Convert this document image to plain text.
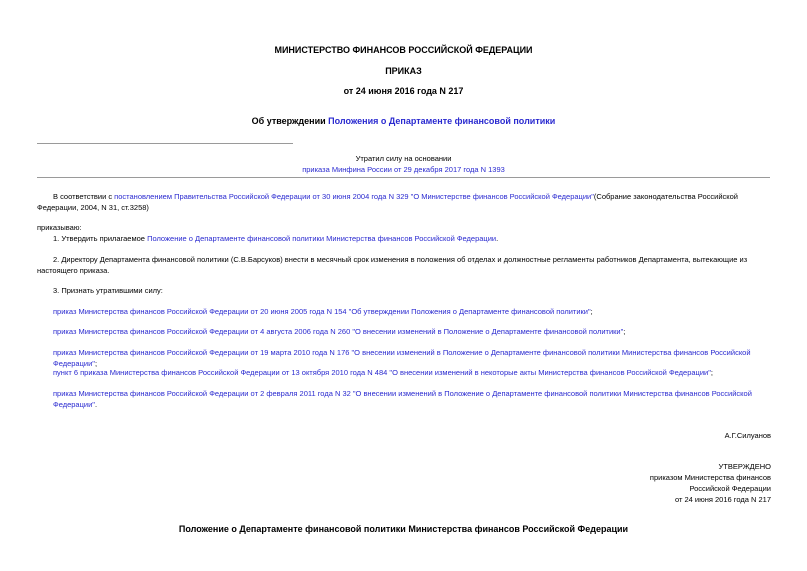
МИНИСТЕРСТВО ФИНАНСОВ РОССИЙСКОЙ ФЕДЕРАЦИИ
ПРИКАЗ
от 24 июня 2016 года N 217
Об утверждении Положения о Департаменте финансовой политики
Утратил силу на основании
приказа Минфина России от 29 декабря 2017 года N 1393
В соответствии с постановлением Правительства Российской Федерации от 30 июня 2004 года N 329 "О Министерстве финансов Российской Федерации"(Собрание законодательства Российской Федерации, 2004, N 31, ст.3258)
приказываю:
1. Утвердить прилагаемое Положение о Департаменте финансовой политики Министерства финансов Российской Федерации.
2. Директору Департамента финансовой политики (С.В.Барсуков) внести в месячный срок изменения в положения об отделах и должностные регламенты работников Департамента, вытекающие из настоящего приказа.
3. Признать утратившими силу:
приказ Министерства финансов Российской Федерации от 20 июня 2005 года N 154 "Об утверждении Положения о Департаменте финансовой политики";
приказ Министерства финансов Российской Федерации от 4 августа 2006 года N 260 "О внесении изменений в Положение о Департаменте финансовой политики";
приказ Министерства финансов Российской Федерации от 19 марта 2010 года N 176 "О внесении изменений в Положение о Департаменте финансовой политики Министерства финансов Российской Федерации";
пункт 6 приказа Министерства финансов Российской Федерации от 13 октября 2010 года N 484 "О внесении изменений в некоторые акты Министерства финансов Российской Федерации";
приказ Министерства финансов Российской Федерации от 2 февраля 2011 года N 32 "О внесении изменений в Положение о Департаменте финансовой политики Министерства финансов Российской Федерации".
А.Г.Силуанов
УТВЕРЖДЕНО
приказом Министерства финансов
Российской Федерации
от 24 июня 2016 года N 217
Положение о Департаменте финансовой политики Министерства финансов Российской Федерации
